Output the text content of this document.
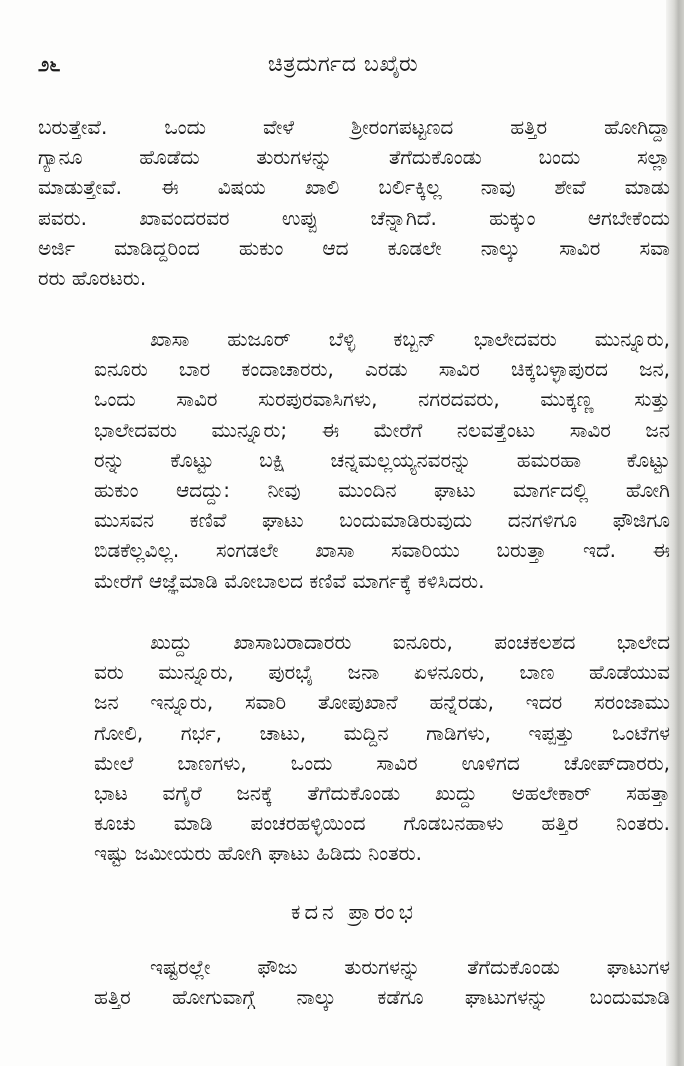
೨೬	ಚಿತ್ರದುರ್ಗದ ಬಖೈರು
ಬರುತ್ತೇವೆ. ಒಂದು ವೇಳೆ ಶ್ರೀರಂಗಪಟ್ಟಣದ ಹತ್ತಿರ ಹೋಗಿದ್ದಾ
ಗ್ಯಾನೂ ಹೊಡೆದು ತುರುಗಳನ್ನು ತೆಗೆದುಕೊಂಡು ಬಂದು ಸಲ್ಲಾ
ಮಾಡುತ್ತೇವೆ. ಈ ವಿಷಯ ಖಾಲಿ ಬರ್ಲಿಕ್ಕಿಲ್ಲ ನಾವು ಶೇವೆ ಮಾಡು
ಪವರು. ಖಾವಂದರವರ ಉಪ್ಪು ಚೆನ್ನಾಗಿದೆ. ಹುಕ್ಕುಂ ಆಗಬೇಕೆಂದು
ಅರ್ಜಿ ಮಾಡಿದ್ದರಿಂದ ಹುಕುಂ ಆದ ಕೂಡಲೇ ನಾಲ್ಕು ಸಾವಿರ ಸವಾ
ರರು ಹೊರಟರು.
ಖಾಸಾ ಹುಜೂರ್ ಬೆಳ್ಳಿ ಕಬ್ಬನ್ ಭಾಲೇದವರು ಮುನ್ನೂರು,
ಐನೂರು ಬಾರ ಕಂದಾಚಾರರು, ಎರಡು ಸಾವಿರ ಚಿಕ್ಕಬಳ್ಳಾಪುರದ ಜನ,
ಒಂದು ಸಾವಿರ ಸುರಪುರವಾಸಿಗಳು, ನಗರದವರು, ಮುಕ್ಕಣ್ಣ ಸುತ್ತು
ಭಾಲೇದವರು ಮುನ್ನೂರು; ಈ ಮೇರೆಗೆ ನಲವತ್ತೆಂಟು ಸಾವಿರ ಜನ
ರನ್ನು ಕೊಟ್ಟು ಬಕ್ಷಿ ಚನ್ನಮಲ್ಲಯ್ಯನವರನ್ನು ಹಮರಹಾ ಕೊಟ್ಟು
ಹುಕುಂ ಆದದ್ದು: ನೀವು ಮುಂದಿನ ಘಾಟು ಮಾರ್ಗದಲ್ಲಿ ಹೋಗಿ
ಮುಸವನ ಕಣಿವೆ ಘಾಟು ಬಂದುಮಾಡಿರುವುದು ದನಗಳಿಗೂ ಫೌಜಿಗೂ
ಬಿಡಕೆಲ್ಲವಿಲ್ಲ. ಸಂಗಡಲೇ ಖಾಸಾ ಸವಾರಿಯು ಬರುತ್ತಾ ಇದೆ. ಈ
ಮೇರೆಗೆ ಆಜ್ಞೆಮಾಡಿ ಮೋಬಾಲದ ಕಣಿವೆ ಮಾರ್ಗಕ್ಕೆ ಕಳಿಸಿದರು.
ಖುದ್ದು ಖಾಸಾಬರಾದಾರರು ಐನೂರು, ಪಂಚಕಲಶದ ಭಾಲೇದ
ವರು ಮುನ್ನೂರು, ಪುರಭೈ ಜನಾ ಏಳನೂರು, ಬಾಣ ಹೊಡೆಯುವ
ಜನ ಇನ್ನೂರು, ಸವಾರಿ ತೋಪುಖಾನೆ ಹನ್ನೆರಡು, ಇದರ ಸರಂಜಾಮು
ಗೋಲಿ, ಗರ್ಭ, ಚಾಟು, ಮದ್ದಿನ ಗಾಡಿಗಳು, ಇಪ್ಪತ್ತು ಒಂಟೆಗಳ
ಮೇಲೆ ಬಾಣಗಳು, ಒಂದು ಸಾವಿರ ಊಳಿಗದ ಚೋಪ್‌ದಾರರು,
ಭಾಟ ವಗೈರೆ ಜನಕ್ಕೆ ತೆಗೆದುಕೊಂಡು ಖುದ್ದು ಅಹಲೇಕಾರ್ ಸಹತ್ತಾ
ಕೂಚು ಮಾಡಿ ಪಂಚರಹಳ್ಳಿಯಿಂದ ಗೊಡಬನಹಾಳು ಹತ್ತಿರ ನಿಂತರು.
ಇಷ್ಟು ಜಮೀಯರು ಹೋಗಿ ಘಾಟು ಹಿಡಿದು ನಿಂತರು.
ಕದನ ಪ್ರಾರಂಭ
ಇಷ್ಟರಲ್ಲೇ ಫೌಜು ತುರುಗಳನ್ನು ತೆಗೆದುಕೊಂಡು ಘಾಟುಗಳ
ಹತ್ತಿರ ಹೋಗುವಾಗ್ಗೆ ನಾಲ್ಕು ಕಡೆಗೂ ಘಾಟುಗಳನ್ನು ಬಂದುಮಾಡಿ
